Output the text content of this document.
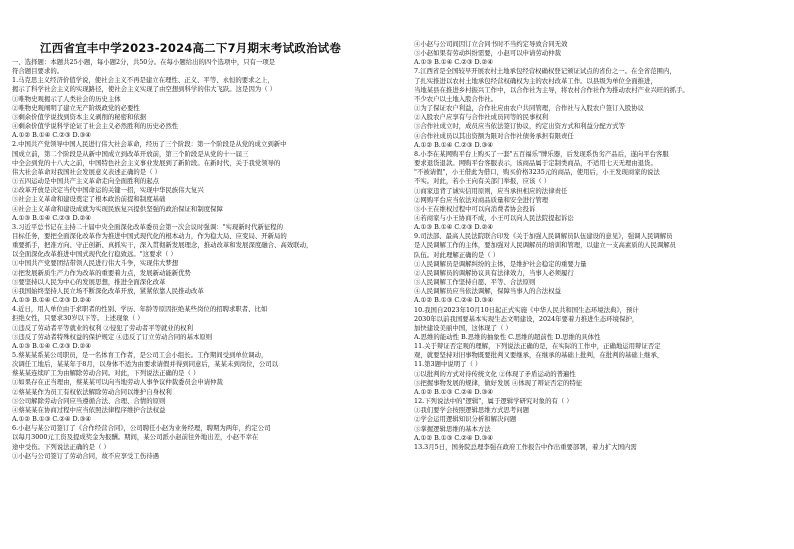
江西省宜丰中学2023-2024高二下7月期末考试政治试卷
一、选择题：本题共25小题，每小题2分，共50分。在每小题给出的四个选项中，只有一项是
符合题目要求的。
1.马克思主义经济价值学说，使社会主义不再是建立在理性、正义、平等、永恒的要求之上，
揭示了科学社会主义的实现路径，使社会主义实现了由空想到科学的伟大飞跃。这是因为（ ）
①唯物史观揭示了人类社会的历史主体
②唯物史观阐明了建立无产阶级政党的必要性
③剩余价值学说找到资本主义剥削的秘密和依据
④剩余价值学说科学论证了社会主义必然胜利的历史必然性
A.①② B.①④ C.②③ D.③④
2.中国共产党领导中国人民进行伟大社会革命，经历了三个阶段：第一个阶段是从党的成立到新中
国成立前，第二个阶段是从新中国成立到改革开放前，第三个阶段是从党的十一届三
中全会到党的十八大之前，中国特色社会主义事业发展到了新阶段。在新时代，关于我党领导的
伟大社会革命对我国社会发展意义表述正确的是（ ）
①五四运动是中国共产主义革命走向全面胜利的起点
②改革开放是决定当代中国命运的关键一招，实现中华民族伟大复兴
③社会主义革命和建设奠定了根本政治前提和制度基础
④社会主义革命和建设成就为实现民族复兴提供坚强的政治保证和制度保障
A.①③ B.①④ C.②③ D.②④
3.习近平总书记在主持二十届中央全面深化改革委员会第一次会议时强调："实现新时代新征程的
目标任务，要把全面深化改革作为推进中国式现代化的根本动力，作为稳大局、应变局、开新局的
重要抓手，把准方向、守正创新、真抓实干，深入贯彻新发展理念，推动改革和发展深度融合、高效联动，
以全面深化改革推进中国式现代化行稳致远。"这要求（ ）
①中国共产党要团结带领人民进行伟大斗争，实现伟大梦想
②把发展新质生产力作为改革的重要着力点，发展新动能新优势
③要坚持以人民为中心的发展思想，推进全面深化改革
④我国始终坚持人民立场不断深化改革开放，紧紧依靠人民推动改革
A.①③ B.①④ C.②③ D.②④
4.近日，用人单位由于求职者的性别、学历、年龄等原因拒绝某些岗位的招聘求职者、比如
拒绝女性，只要求30岁以下等。上述现象（ ）
①违反了劳动者平等就业的权利 ②侵犯了劳动者平等就业的权利
③违反了劳动者特殊权益的保护规定 ④违反了订立劳动合同的基本原则
A.①③ B.①④ C.②③ D.②④
5.蔡某某系某公司职员，是一名体育工作者，是公司工会小组长。工作期间受到单位调动，
次调任工地后，某某年于8月，以身体不适为由要求请假并得到同意后，某某未到岗位，公司以
蔡某某连续旷工为由解除劳动合同。对此，下列说法正确的是（ ）
①如果存在正当理由，蔡某某可以向当地劳动人事争议仲裁委员会申请仲裁
②蔡某某作为员工有权依法解除劳动合同以维护自身权利
③公司解除劳动合同应当遵循合法、合理、合情的原则
④蔡某某在协商过程中应当依照法律程序维护合法权益
A.①② B.①③ C.②④ D.③④
6.小赵与某公司签订了《合作经营合同》，公司聘任小赵为业务经理，聘期为两年，约定公司
以每月3000元工资及提成奖金为报酬。期间，某公司派小赵前往外地出差，小赵不幸在
途中受伤。下列说法正确的是（ ）
①小赵与公司签订了劳动合同，故不应享受工伤待遇
④小赵与公司间因订立合同书时不当约定导致合同无效
③小赵如果有劳动纠纷需要，小赵可以申请劳动仲裁
A.①③ B.①④ C.②③ D.②④
7.江西省是全国较早开展农村土地承包经营权确权登记颁证试点的省份之一。在全省范围内，
了扎实推进以农村土地承包经营权确权为主的农村改革工作。以县级为单位全面推进，
当地某县在推进乡村振兴工作中，以合作社为主导，将农村合作社作为推动农村产业兴旺的抓手。
不少农户以土地入股合作社。
①为了保证农户利益，合作社应由农户共同管理，合作社与入股农户签订入股协议
②入股农户应享有与合作社成员同等的民事权利
③合作社成立时，成员应当依法签订协议，约定出资方式和利益分配方式等
④合作社成员以其出资额为限对合作社债务承担有限责任
A.①② B.①④ C.②③ D.③④
8.小李在某网购平台上购买了一套"五百福乐"牌乐器，后发现系伪劣产品后，遂向平台客服
要求退货退款。网购平台客服表示，该商品属于定制类商品，不适用七天无理由退货。
"不被请假"，小王借此为借口，购买价格3235元的商品，使用后，小王发现商家的说法
不实。对此，若小王向有关部门举报，应该（ ）
①商家违背了诚实信用原则，应当承担相应的法律责任
②网购平台应当依法对商品质量和安全进行管理
③小王在维权过程中可以向消费者协会投诉
④若商家与小王协商不成，小王可以向人民法院提起诉讼
A.①③ B.①④ C.②③ D.②④
9.司法部、最高人民法院联合印发《关于加强人民调解员队伍建设的意见》，强调人民调解员
是人民调解工作的主体，要加强对人民调解员的培训和管理，以建立一支高素质的人民调解员
队伍。对此理解正确的是（ ）
①人民调解员是调解纠纷的主体，是维护社会稳定的重要力量
②人民调解员的调解协议具有法律效力，当事人必须履行
③人民调解工作坚持自愿、平等、合法原则
④人民调解员应当依法调解，保障当事人的合法权益
A.①② B.①③ C.②④ D.③④
10.我国自2023年10月10日起正式实施《中华人民共和国生态环境法典》，预计
2030年以前我国要基本实现生态文明建设，2024年要着力推进生态环境保护，
加快建设美丽中国，这体现了（ ）
A.思维的能动性 B.思维的抽象性 C.思维的超前性 D.思维的具体性
11.关于辩证否定观的理解，下列说法正确的是，在实际的工作中，正确地运用辩证否定
观，就要坚持对旧事物既要批判又要继承，在继承的基础上批判，在批判的基础上继承，
11.第3题中说明了（ ）
①以批判的方式对待传统文化 ②体现了矛盾运动的普遍性
③把握事物发展的规律，做好发展 ④体现了辩证否定的特征
A.①② B.①③ C.②④ D.③④
12.下列说法中的"逻辑"，属于逻辑学研究对象的有（ ）
①我们要学会按照逻辑思维方式思考问题
②学会运用逻辑知识分析和解决问题
③掌握逻辑思维的基本方法
A.①② B.①③ C.②④ D.③④
13.3月5日，国务院总理李强在政府工作报告中作出重要部署，着力扩大国内需
